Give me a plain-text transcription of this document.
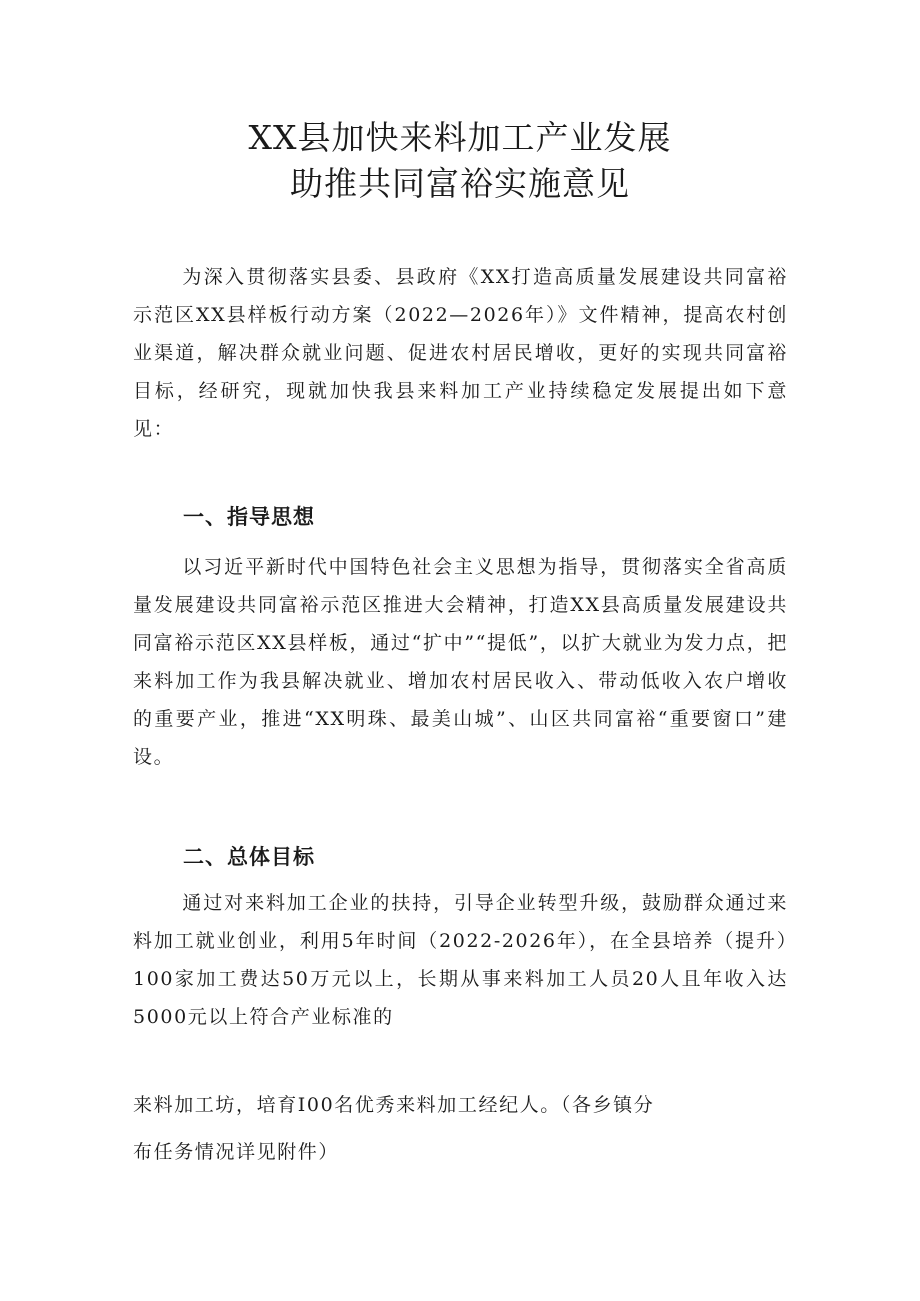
XX县加快来料加工产业发展
助推共同富裕实施意见

为深入贯彻落实县委、县政府《XX打造高质量发展建设共同富裕示范区XX县样板行动方案（2022—2026年）》文件精神，提高农村创业渠道，解决群众就业问题、促进农村居民增收，更好的实现共同富裕目标，经研究，现就加快我县来料加工产业持续稳定发展提出如下意见：

一、指导思想

以习近平新时代中国特色社会主义思想为指导，贯彻落实全省高质量发展建设共同富裕示范区推进大会精神，打造XX县高质量发展建设共同富裕示范区XX县样板，通过“扩中”“提低”，以扩大就业为发力点，把来料加工作为我县解决就业、增加农村居民收入、带动低收入农户增收的重要产业，推进“XX明珠、最美山城”、山区共同富裕“重要窗口”建设。

二、总体目标

通过对来料加工企业的扶持，引导企业转型升级，鼓励群众通过来料加工就业创业，利用5年时间（2022-2026年），在全县培养（提升）100家加工费达50万元以上，长期从事来料加工人员20人且年收入达5000元以上符合产业标准的

来料加工坊，培育I00名优秀来料加工经纪人。（各乡镇分

布任务情况详见附件）
